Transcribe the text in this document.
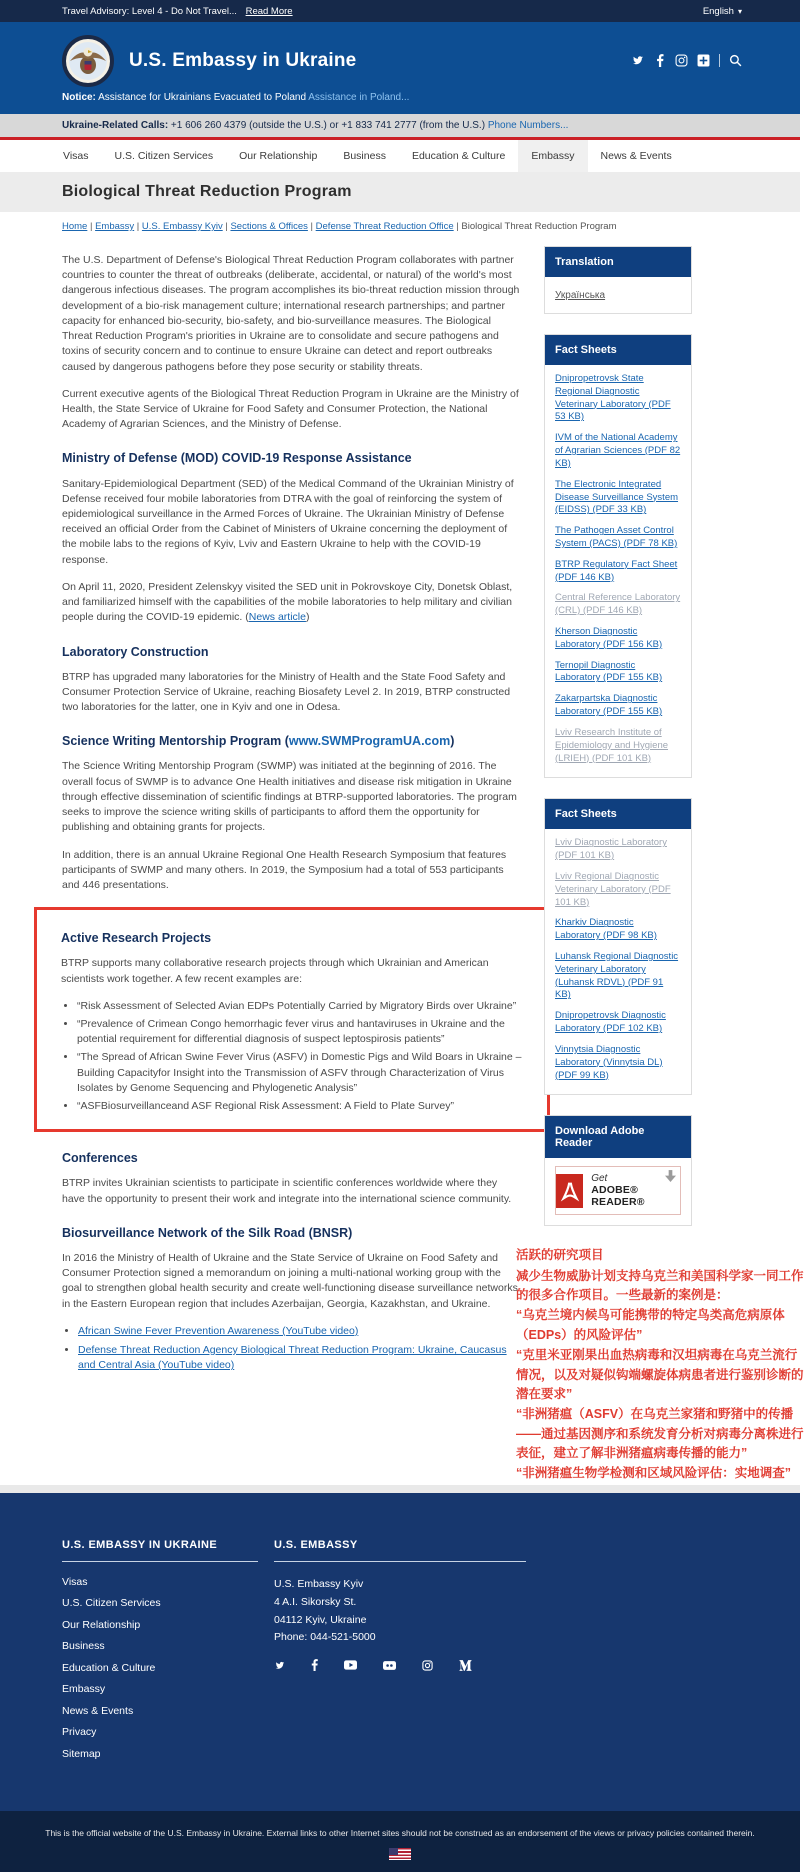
Travel Advisory: Level 4 - Do Not Travel... Read More	English ▾
U.S. Embassy in Ukraine
Notice: Assistance for Ukrainians Evacuated to Poland Assistance in Poland...
Ukraine-Related Calls: +1 606 260 4379 (outside the U.S.) or +1 833 741 2777 (from the U.S.) Phone Numbers...
Visas	U.S. Citizen Services	Our Relationship	Business	Education & Culture	Embassy	News & Events
Biological Threat Reduction Program
Home | Embassy | U.S. Embassy Kyiv | Sections & Offices | Defense Threat Reduction Office | Biological Threat Reduction Program

The U.S. Department of Defense's Biological Threat Reduction Program collaborates with partner countries to counter the threat of outbreaks (deliberate, accidental, or natural) of the world's most dangerous infectious diseases. The program accomplishes its bio-threat reduction mission through development of a bio-risk management culture; international research partnerships; and partner capacity for enhanced bio-security, bio-safety, and bio-surveillance measures. The Biological Threat Reduction Program's priorities in Ukraine are to consolidate and secure pathogens and toxins of security concern and to continue to ensure Ukraine can detect and report outbreaks caused by dangerous pathogens before they pose security or stability threats.

Current executive agents of the Biological Threat Reduction Program in Ukraine are the Ministry of Health, the State Service of Ukraine for Food Safety and Consumer Protection, the National Academy of Agrarian Sciences, and the Ministry of Defense.

Ministry of Defense (MOD) COVID-19 Response Assistance

Sanitary-Epidemiological Department (SED) of the Medical Command of the Ukrainian Ministry of Defense received four mobile laboratories from DTRA with the goal of reinforcing the system of epidemiological surveillance in the Armed Forces of Ukraine. The Ukrainian Ministry of Defense received an official Order from the Cabinet of Ministers of Ukraine concerning the deployment of the mobile labs to the regions of Kyiv, Lviv and Eastern Ukraine to help with the COVID-19 response.

On April 11, 2020, President Zelenskyy visited the SED unit in Pokrovskoye City, Donetsk Oblast, and familiarized himself with the capabilities of the mobile laboratories to help military and civilian people during the COVID-19 epidemic. (News article)

Laboratory Construction

BTRP has upgraded many laboratories for the Ministry of Health and the State Food Safety and Consumer Protection Service of Ukraine, reaching Biosafety Level 2. In 2019, BTRP constructed two laboratories for the latter, one in Kyiv and one in Odesa.

Science Writing Mentorship Program (www.SWMProgramUA.com)

The Science Writing Mentorship Program (SWMP) was initiated at the beginning of 2016. The overall focus of SWMP is to advance One Health initiatives and disease risk mitigation in Ukraine through effective dissemination of scientific findings at BTRP-supported laboratories. The program seeks to improve the science writing skills of participants to afford them the opportunity for publishing and obtaining grants for projects.

In addition, there is an annual Ukraine Regional One Health Research Symposium that features participants of SWMP and many others. In 2019, the Symposium had a total of 553 participants and 446 presentations.

Active Research Projects

BTRP supports many collaborative research projects through which Ukrainian and American scientists work together. A few recent examples are:

• “Risk Assessment of Selected Avian EDPs Potentially Carried by Migratory Birds over Ukraine”
• “Prevalence of Crimean Congo hemorrhagic fever virus and hantaviruses in Ukraine and the potential requirement for differential diagnosis of suspect leptospirosis patients”
• “The Spread of African Swine Fever Virus (ASFV) in Domestic Pigs and Wild Boars in Ukraine – Building Capacityfor Insight into the Transmission of ASFV through Characterization of Virus Isolates by Genome Sequencing and Phylogenetic Analysis”
• “ASFBiosurveillanceand ASF Regional Risk Assessment: A Field to Plate Survey”
Conferences

BTRP invites Ukrainian scientists to participate in scientific conferences worldwide where they have the opportunity to present their work and integrate into the international science community.

Biosurveillance Network of the Silk Road (BNSR)

In 2016 the Ministry of Health of Ukraine and the State Service of Ukraine on Food Safety and Consumer Protection signed a memorandum on joining a multi-national working group with the goal to strengthen global health security and create well-functioning disease surveillance networks in the Eastern European region that includes Azerbaijan, Georgia, Kazakhstan, and Ukraine.

• African Swine Fever Prevention Awareness (YouTube video)
• Defense Threat Reduction Agency Biological Threat Reduction Program: Ukraine, Caucasus and Central Asia (YouTube video)
Translation
Українська
Fact Sheets
Dnipropetrovsk State Regional Diagnostic Veterinary Laboratory (PDF 53 KB)
IVM of the National Academy of Agrarian Sciences (PDF 82 KB)
The Electronic Integrated Disease Surveillance System (EIDSS) (PDF 33 KB)
The Pathogen Asset Control System (PACS) (PDF 78 KB)
BTRP Regulatory Fact Sheet (PDF 146 KB)
Central Reference Laboratory (CRL) (PDF 146 KB)
Kherson Diagnostic Laboratory (PDF 156 KB)
Ternopil Diagnostic Laboratory (PDF 155 KB)
Zakarpartska Diagnostic Laboratory (PDF 155 KB)
Lviv Research Institute of Epidemiology and Hygiene (LRIEH) (PDF 101 KB)
Fact Sheets
Lviv Diagnostic Laboratory (PDF 101 KB)
Lviv Regional Diagnostic Veterinary Laboratory (PDF 101 KB)
Kharkiv Diagnostic Laboratory (PDF 98 KB)
Luhansk Regional Diagnostic Veterinary Laboratory (Luhansk RDVL) (PDF 91 KB)
Dnipropetrovsk Diagnostic Laboratory (PDF 102 KB)
Vinnytsia Diagnostic Laboratory (Vinnytsia DL) (PDF 99 KB)
Download Adobe Reader
Get
ADOBE® READER®
活跃的研究项目
减少生物威胁计划支持乌克兰和美国科学家一同工作的很多合作项目。一些最新的案例是：
“乌克兰境内候鸟可能携带的特定鸟类高危病原体（EDPs）的风险评估”
“克里米亚刚果出血热病毒和汉坦病毒在乌克兰流行情况，以及对疑似钩端螺旋体病患者进行鉴别诊断的潜在要求”
“非洲猪瘟（ASFV）在乌克兰家猪和野猪中的传播——通过基因测序和系统发育分析对病毒分离株进行表征，建立了解非洲猪瘟病毒传播的能力”
“非洲猪瘟生物学检测和区域风险评估：实地调查”
U.S. EMBASSY IN UKRAINE
Visas
U.S. Citizen Services
Our Relationship
Business
Education & Culture
Embassy
News & Events
Privacy
Sitemap
U.S. EMBASSY
U.S. Embassy Kyiv
4 A.I. Sikorsky St.
04112 Kyiv, Ukraine
Phone: 044-521-5000
This is the official website of the U.S. Embassy in Ukraine. External links to other Internet sites should not be construed as an endorsement of the views or privacy policies contained therein.
